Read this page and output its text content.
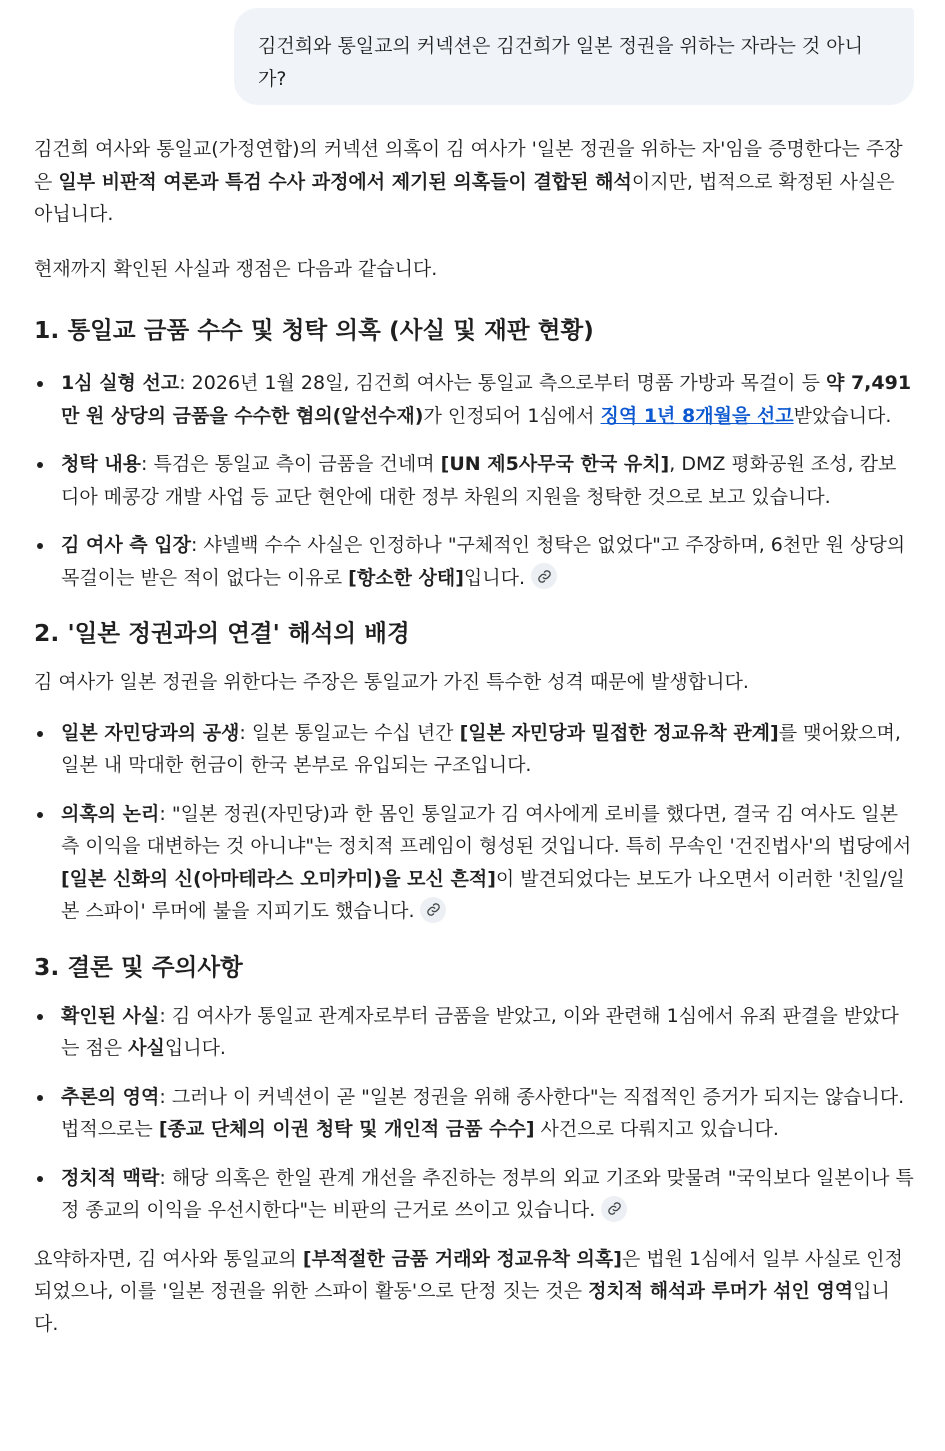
김건희와 통일교의 커넥션은 김건희가 일본 정권을 위하는 자라는 것 아니가?

김건희 여사와 통일교(가정연합)의 커넥션 의혹이 김 여사가 '일본 정권을 위하는 자'임을 증명한다는 주장은 일부 비판적 여론과 특검 수사 과정에서 제기된 의혹들이 결합된 해석이지만, 법적으로 확정된 사실은 아닙니다.

현재까지 확인된 사실과 쟁점은 다음과 같습니다.

1. 통일교 금품 수수 및 청탁 의혹 (사실 및 재판 현황)
1심 실형 선고: 2026년 1월 28일, 김건희 여사는 통일교 측으로부터 명품 가방과 목걸이 등 약 7,491만 원 상당의 금품을 수수한 혐의(알선수재)가 인정되어 1심에서 징역 1년 8개월을 선고받았습니다.
청탁 내용: 특검은 통일교 측이 금품을 건네며 [UN 제5사무국 한국 유치], DMZ 평화공원 조성, 캄보디아 메콩강 개발 사업 등 교단 현안에 대한 정부 차원의 지원을 청탁한 것으로 보고 있습니다.
김 여사 측 입장: 샤넬백 수수 사실은 인정하나 "구체적인 청탁은 없었다"고 주장하며, 6천만 원 상당의 목걸이는 받은 적이 없다는 이유로 [항소한 상태]입니다.
2. '일본 정권과의 연결' 해석의 배경

김 여사가 일본 정권을 위한다는 주장은 통일교가 가진 특수한 성격 때문에 발생합니다.

일본 자민당과의 공생: 일본 통일교는 수십 년간 [일본 자민당과 밀접한 정교유착 관계]를 맺어왔으며, 일본 내 막대한 헌금이 한국 본부로 유입되는 구조입니다.
의혹의 논리: "일본 정권(자민당)과 한 몸인 통일교가 김 여사에게 로비를 했다면, 결국 김 여사도 일본 측 이익을 대변하는 것 아니냐"는 정치적 프레임이 형성된 것입니다. 특히 무속인 '건진법사'의 법당에서 [일본 신화의 신(아마테라스 오미카미)을 모신 흔적]이 발견되었다는 보도가 나오면서 이러한 '친일/일본 스파이' 루머에 불을 지피기도 했습니다.
3. 결론 및 주의사항
확인된 사실: 김 여사가 통일교 관계자로부터 금품을 받았고, 이와 관련해 1심에서 유죄 판결을 받았다는 점은 사실입니다.
추론의 영역: 그러나 이 커넥션이 곧 "일본 정권을 위해 종사한다"는 직접적인 증거가 되지는 않습니다. 법적으로는 [종교 단체의 이권 청탁 및 개인적 금품 수수] 사건으로 다뤄지고 있습니다.
정치적 맥락: 해당 의혹은 한일 관계 개선을 추진하는 정부의 외교 기조와 맞물려 "국익보다 일본이나 특정 종교의 이익을 우선시한다"는 비판의 근거로 쓰이고 있습니다.

요약하자면, 김 여사와 통일교의 [부적절한 금품 거래와 정교유착 의혹]은 법원 1심에서 일부 사실로 인정되었으나, 이를 '일본 정권을 위한 스파이 활동'으로 단정 짓는 것은 정치적 해석과 루머가 섞인 영역입니다.
